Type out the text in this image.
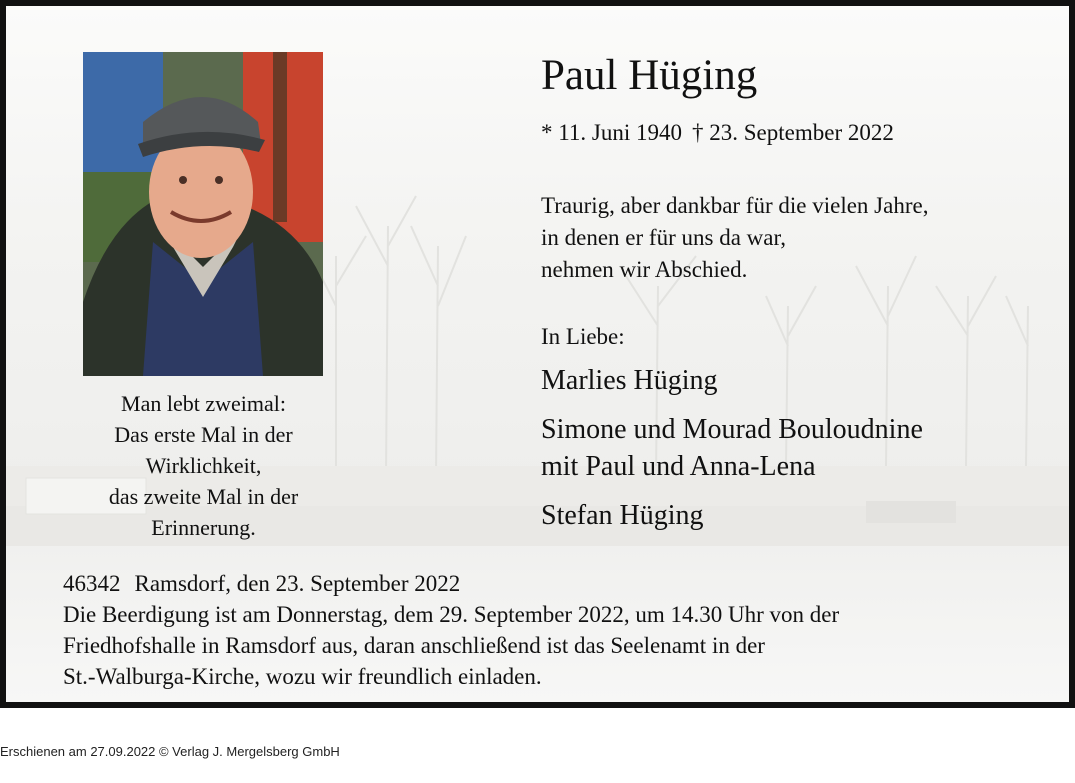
Man lebt zweimal:
Das erste Mal in der
Wirklichkeit,
das zweite Mal in der
Erinnerung.
Paul Hüging
* 11. Juni 1940 † 23. September 2022
Traurig, aber dankbar für die vielen Jahre,
in denen er für uns da war,
nehmen wir Abschied.
In Liebe:
Marlies Hüging
Simone und Mourad Bouloudnine
mit Paul und Anna-Lena
Stefan Hüging
46342 Ramsdorf, den 23. September 2022
Die Beerdigung ist am Donnerstag, dem 29. September 2022, um 14.30 Uhr von der
Friedhofshalle in Ramsdorf aus, daran anschließend ist das Seelenamt in der
St.-Walburga-Kirche, wozu wir freundlich einladen.
Erschienen am 27.09.2022 © Verlag J. Mergelsberg GmbH
